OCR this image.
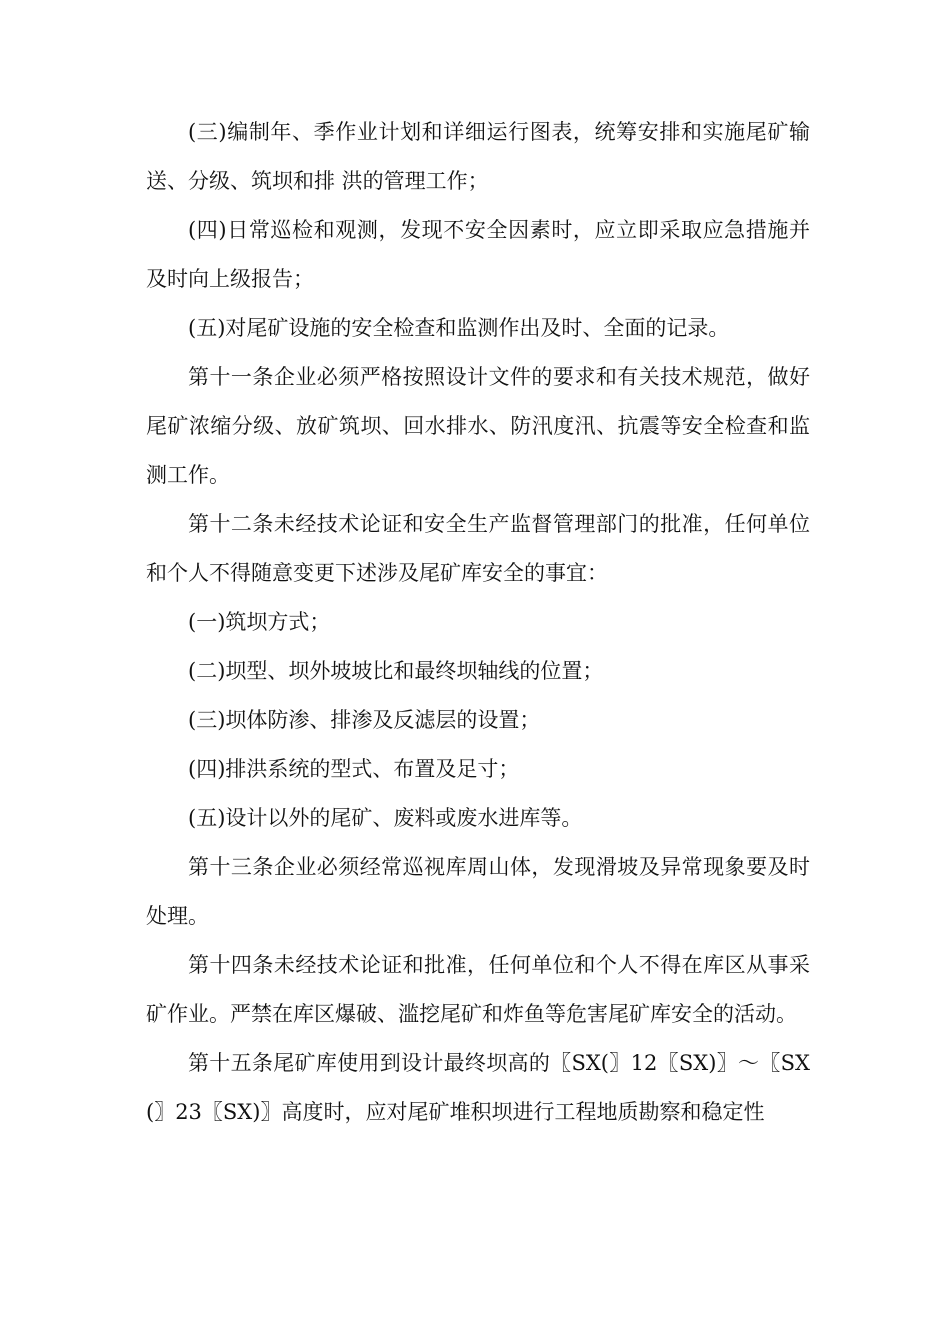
(三)编制年、季作业计划和详细运行图表，统筹安排和实施尾矿输送、分级、筑坝和排 洪的管理工作；

(四)日常巡检和观测，发现不安全因素时，应立即采取应急措施并及时向上级报告；

(五)对尾矿设施的安全检查和监测作出及时、全面的记录。

第十一条企业必须严格按照设计文件的要求和有关技术规范，做好 尾矿浓缩分级、放矿筑坝、回水排水、防汛度汛、抗震等安全检查和监测工作。

第十二条未经技术论证和安全生产监督管理部门的批准，任何单位 和个人不得随意变更下述涉及尾矿库安全的事宜：

(一)筑坝方式；

(二)坝型、坝外坡坡比和最终坝轴线的位置；

(三)坝体防渗、排渗及反滤层的设置；

(四)排洪系统的型式、布置及足寸；

(五)设计以外的尾矿、废料或废水进库等。

第十三条企业必须经常巡视库周山体，发现滑坡及异常现象要及时 处理。

第十四条未经技术论证和批准，任何单位和个人不得在库区从事采 矿作业。严禁在库区爆破、滥挖尾矿和炸鱼等危害尾矿库安全的活动。

第十五条尾矿库使用到设计最终坝高的〖SX(〗12〖SX)〗～〖SX(〗23〖SX)〗高度时，应对尾矿堆积坝进行工程地质勘察和稳定性
